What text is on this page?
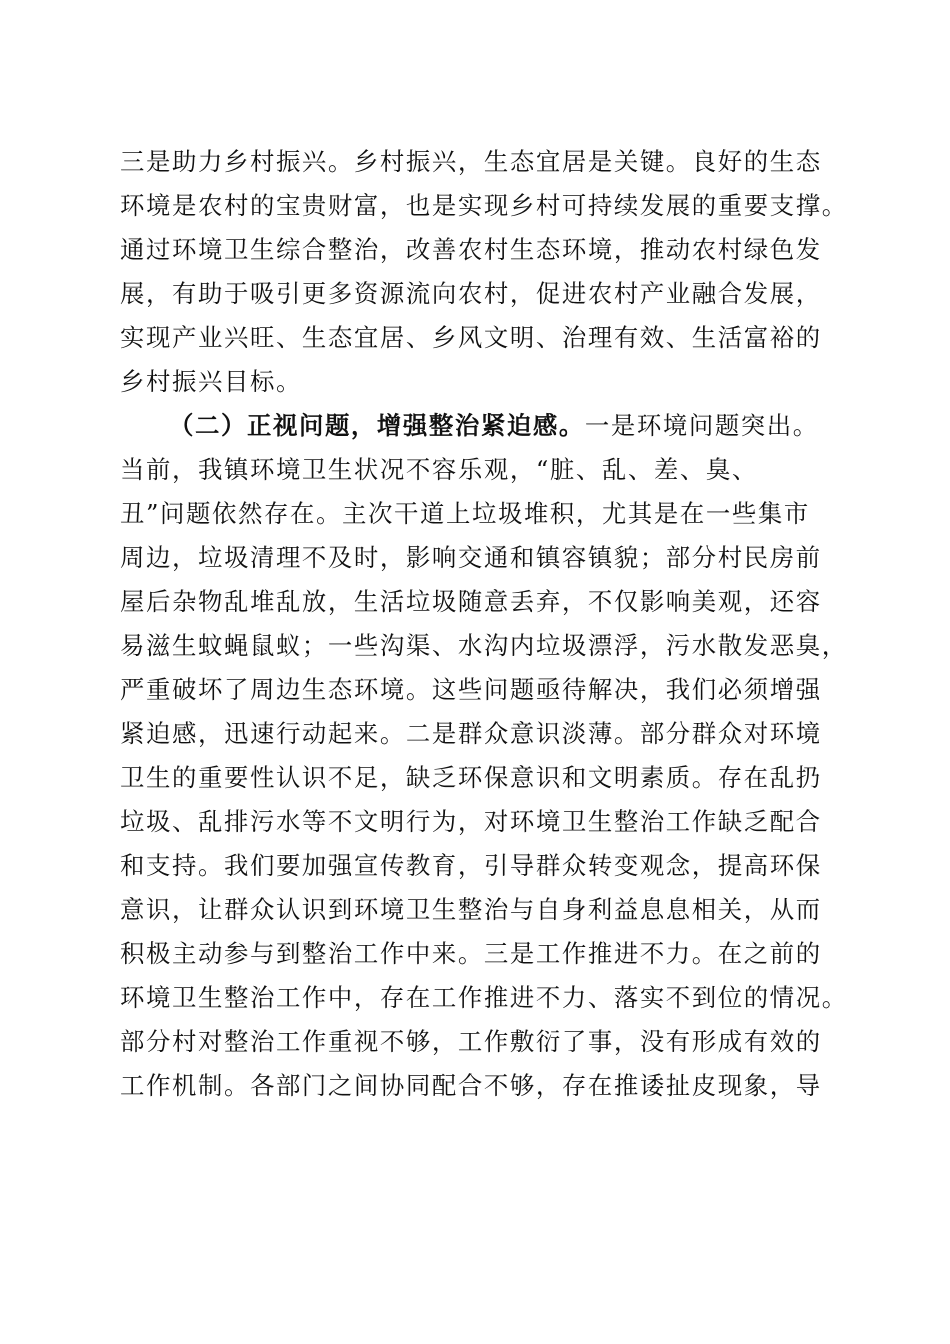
三是助力乡村振兴。乡村振兴，生态宜居是关键。良好的生态
环境是农村的宝贵财富，也是实现乡村可持续发展的重要支撑。
通过环境卫生综合整治，改善农村生态环境，推动农村绿色发
展，有助于吸引更多资源流向农村，促进农村产业融合发展，
实现产业兴旺、生态宜居、乡风文明、治理有效、生活富裕的
乡村振兴目标。
（二）正视问题，增强整治紧迫感。一是环境问题突出。
当前，我镇环境卫生状况不容乐观，“脏、乱、差、臭、
丑”问题依然存在。主次干道上垃圾堆积，尤其是在一些集市
周边，垃圾清理不及时，影响交通和镇容镇貌；部分村民房前
屋后杂物乱堆乱放，生活垃圾随意丢弃，不仅影响美观，还容
易滋生蚊蝇鼠蚁；一些沟渠、水沟内垃圾漂浮，污水散发恶臭，
严重破坏了周边生态环境。这些问题亟待解决，我们必须增强
紧迫感，迅速行动起来。二是群众意识淡薄。部分群众对环境
卫生的重要性认识不足，缺乏环保意识和文明素质。存在乱扔
垃圾、乱排污水等不文明行为，对环境卫生整治工作缺乏配合
和支持。我们要加强宣传教育，引导群众转变观念，提高环保
意识，让群众认识到环境卫生整治与自身利益息息相关，从而
积极主动参与到整治工作中来。三是工作推进不力。在之前的
环境卫生整治工作中，存在工作推进不力、落实不到位的情况。
部分村对整治工作重视不够，工作敷衍了事，没有形成有效的
工作机制。各部门之间协同配合不够，存在推诿扯皮现象，导
